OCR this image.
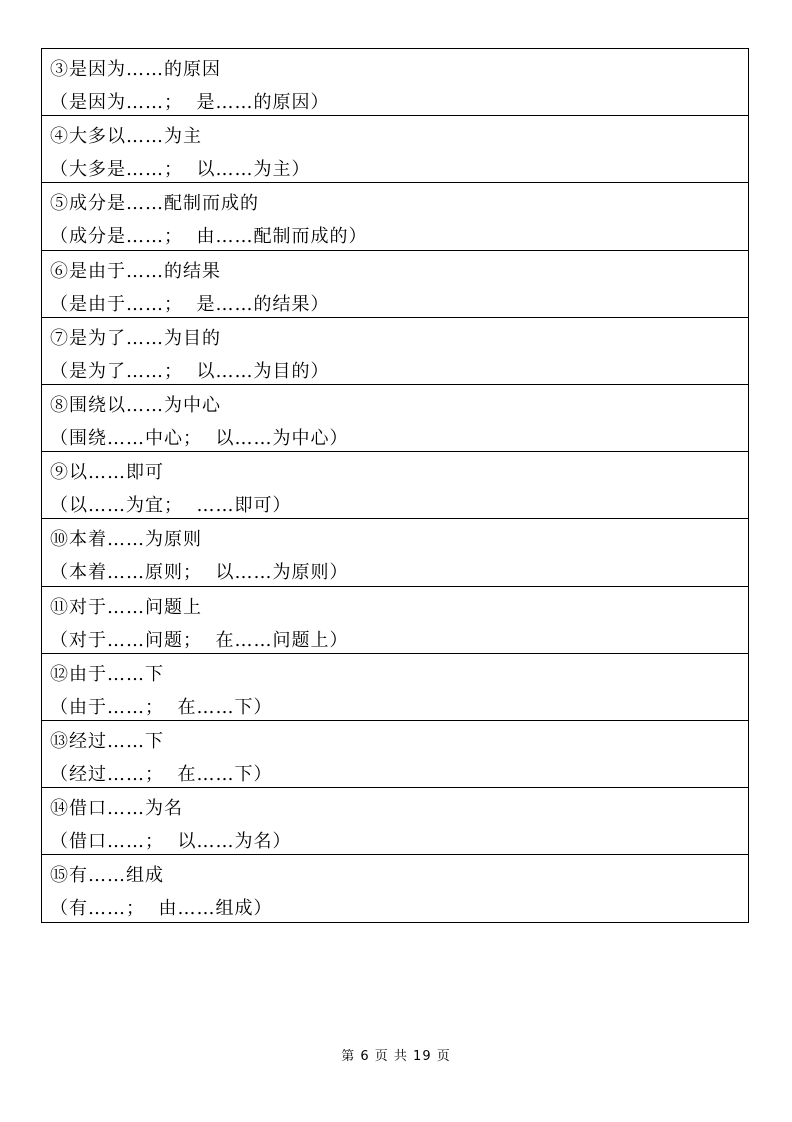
③是因为……的原因
（是因为……；  是……的原因）
④大多以……为主
（大多是……；  以……为主）
⑤成分是……配制而成的
（成分是……；  由……配制而成的）
⑥是由于……的结果
（是由于……；  是……的结果）
⑦是为了……为目的
（是为了……；  以……为目的）
⑧围绕以……为中心
（围绕……中心；  以……为中心）
⑨以……即可
（以……为宜；  ……即可）
⑩本着……为原则
（本着……原则；  以……为原则）
⑪对于……问题上
（对于……问题；  在……问题上）
⑫由于……下
（由于……；  在……下）
⑬经过……下
（经过……；  在……下）
⑭借口……为名
（借口……；  以……为名）
⑮有……组成
（有……；  由……组成）
第 6 页 共 19 页
